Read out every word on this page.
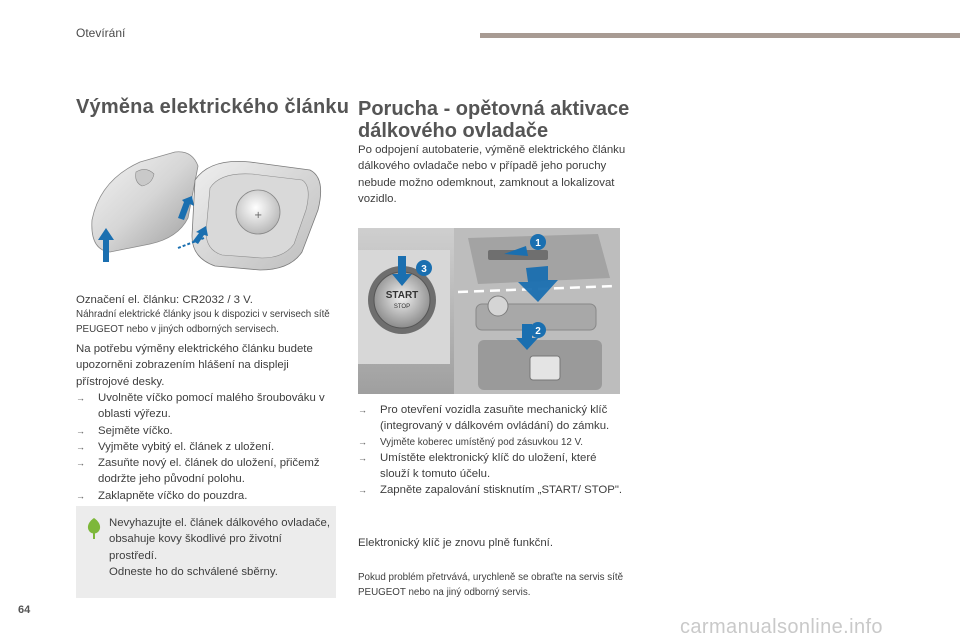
Otevírání
Výměna elektrického článku
+

Označení el. článku: CR2032 / 3 V.

Náhradní elektrické články jsou k dispozici v servisech sítě PEUGEOT nebo v jiných odborných servisech.

Na potřebu výměny elektrického článku budete upozorněni zobrazením hlášení na displeji přístrojové desky.

→ Uvolněte víčko pomocí malého šroubováku v oblasti výřezu.
→ Sejměte víčko.
→ Vyjměte vybitý el. článek z uložení.
→ Zasuňte nový el. článek do uložení, přičemž dodržte jeho původní polohu.
→ Zaklapněte víčko do pouzdra.
Nevyhazujte el. článek dálkového ovladače, obsahuje kovy škodlivé pro životní prostředí.
Odneste ho do schválené sběrny.
Porucha - opětovná aktivace
dálkového ovladače

Po odpojení autobaterie, výměně elektrického článku dálkového ovladače nebo v případě jeho poruchy nebude možno odemknout, zamknout a lokalizovat vozidlo.

START
STOP
1
2
3
→ Pro otevření vozidla zasuňte mechanický klíč (integrovaný v dálkovém ovládání) do zámku.
→ Vyjměte koberec umístěný pod zásuvkou 12 V.
→ Umístěte elektronický klíč do uložení, které slouží k tomuto účelu.
→ Zapněte zapalování stisknutím „START/ STOP".

Elektronický klíč je znovu plně funkční.

Pokud problém přetrvává, urychleně se obraťte na servis sítě PEUGEOT nebo na jiný odborný servis.

64
carmanualsonline.info
